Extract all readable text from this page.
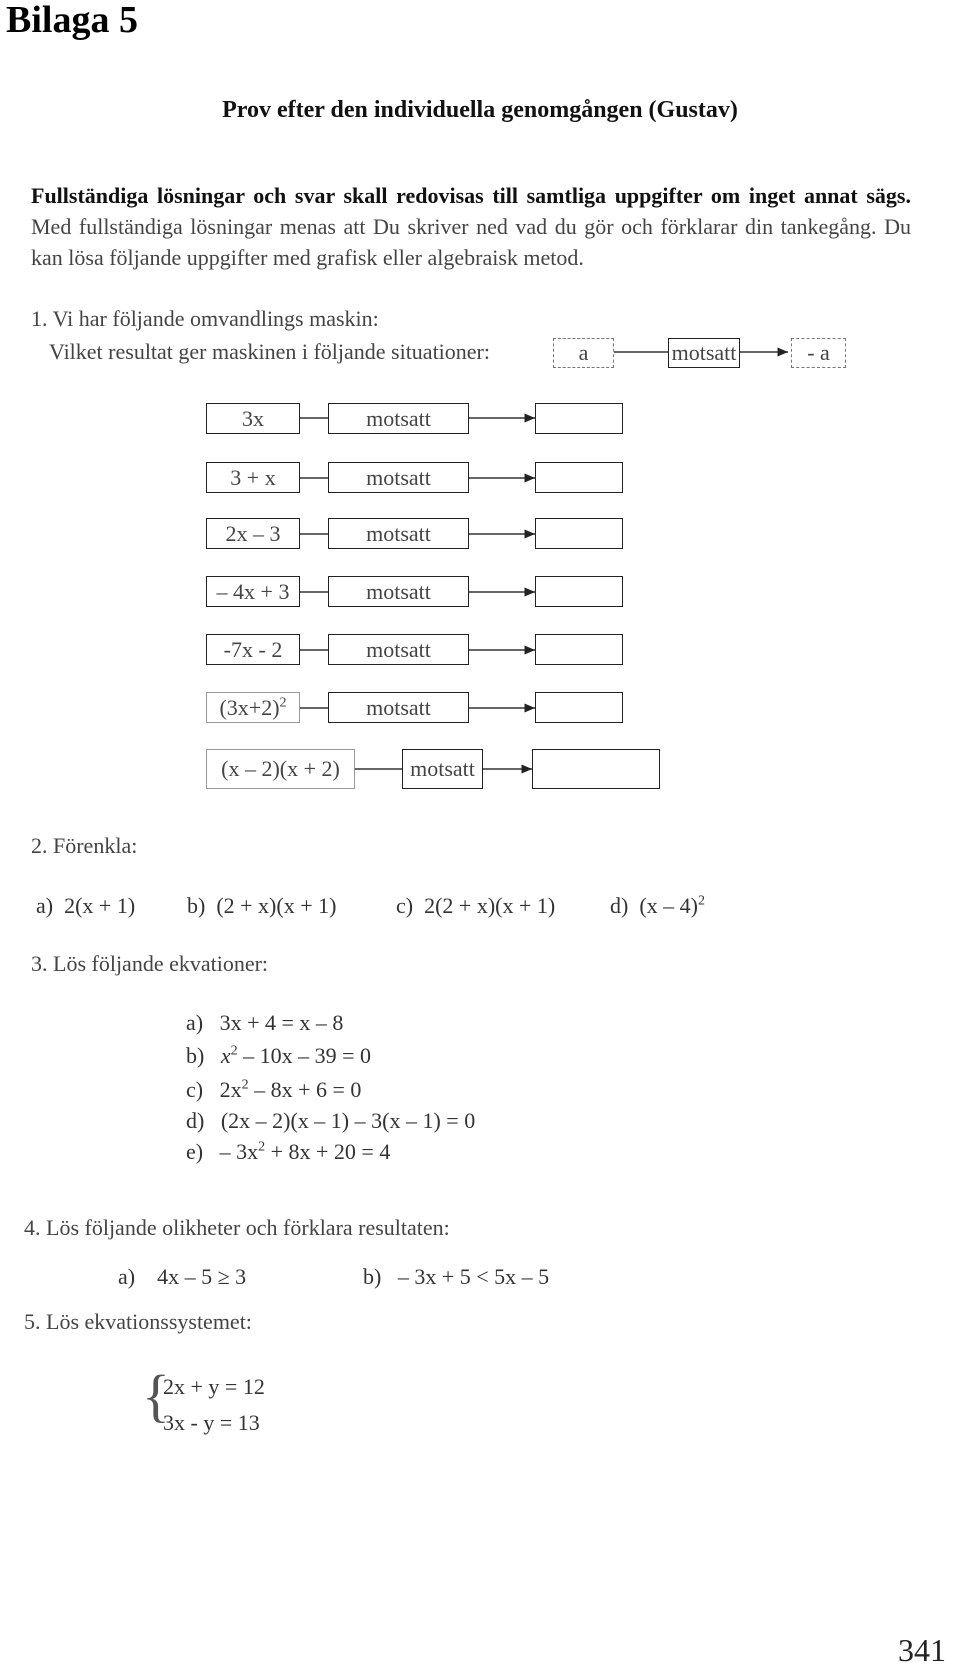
Bilaga 5
Prov efter den individuella genomgången (Gustav)
Fullständiga lösningar och svar skall redovisas till samtliga uppgifter om inget annat sägs. Med fullständiga lösningar menas att Du skriver ned vad du gör och förklarar din tankegång. Du kan lösa följande uppgifter med grafisk eller algebraisk metod.
1. Vi har följande omvandlings maskin:
Vilket resultat ger maskinen i följande situationer:	a	motsatt	- a
3x	motsatt
3 + x	motsatt
2x – 3	motsatt
– 4x + 3	motsatt
-7x - 2	motsatt
$(3x+2)^2$	motsatt
(x – 2)(x + 2)	motsatt
2. Förenkla:
a) 2(x + 1) b) (2 + x)(x + 1)	c) 2(2 + x)(x + 1) d) (x – 4)$^2$
3. Lös följande ekvationer:
a) 3x + 4 = x – 8
b) $x^2 - 10x - 39 = 0$
c) $2x^2 - 8x + 6 = 0$
d) (2x – 2)(x – 1) – 3(x – 1) = 0
$e) - 3x^2 + 8x + 20 = 4$
4. Lös följande olikheter och förklara resultaten:
a) 4x – 5 ≥ 3	b) – 3x + 5 < 5x – 5
5. Lös ekvationssystemet:
{
2x + y = 12
3x - y = 13
341
